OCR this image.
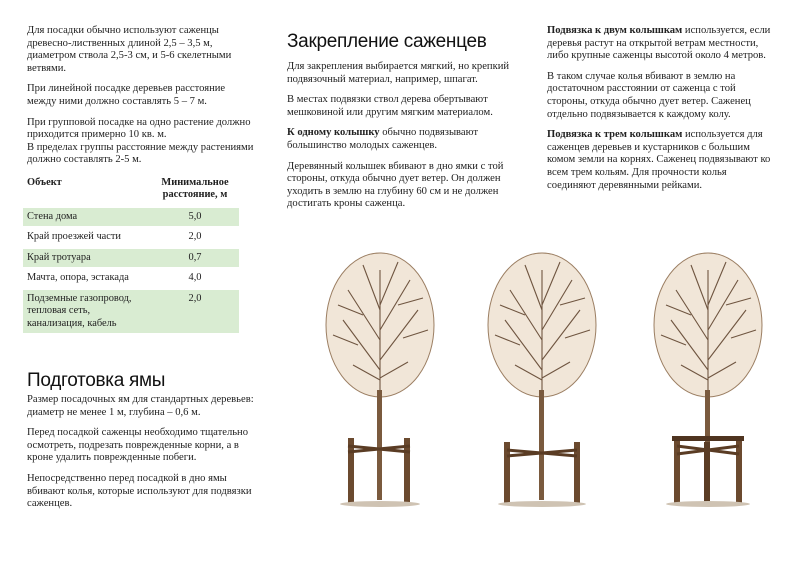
Для посадки обычно используют саженцы древесно-лиственных длиной 2,5 – 3,5 м, диаметром ствола 2,5-3 см, и 5-6 скелетными ветвями.

При линейной посадке деревьев расстояние между ними должно составлять 5 – 7 м.

При групповой посадке на одно растение должно приходится примерно 10 кв. м.
В пределах группы расстояние между растениями должно составлять 2-5 м.

Объект	Минимальное расстояние, м
Стена дома	5,0
Край проезжей части	2,0
Край тротуара	0,7
Мачта, опора, эстакада	4,0
Подземные газопровод, тепловая сеть, канализация, кабель	2,0
Подготовка ямы

Размер посадочных ям для стандартных деревьев: диаметр не менее 1 м, глубина – 0,6 м.

Перед посадкой саженцы необходимо тщательно осмотреть, подрезать поврежденные корни, а в кроне удалить поврежденные побеги.

Непосредственно перед посадкой в дно ямы вбивают колья, которые используют для подвязки саженцев.

Закрепление саженцев

Для закрепления выбирается мягкий, но крепкий подвязочный материал, например, шпагат.

В местах подвязки ствол дерева обертывают мешковиной или другим мягким материалом.

К одному колышку обычно подвязывают большинство молодых саженцев.

Деревянный колышек вбивают в дно ямки с той стороны, откуда обычно дует ветер. Он должен уходить в землю на глубину 60 см и не должен достигать кроны саженца.

Подвязка к двум колышкам используется, если деревья растут на открытой ветрам местности, либо крупные саженцы высотой около 4 метров.

В таком случае колья вбивают в землю на достаточном расстоянии от саженца с той стороны, откуда обычно дует ветер. Саженец отдельно подвязывается к каждому колу.

Подвязка к трем колышкам используется для саженцев деревьев и кустарников с большим комом земли на корнях. Саженец подвязывают ко всем трем кольям. Для прочности колья соединяют деревянными рейками.
